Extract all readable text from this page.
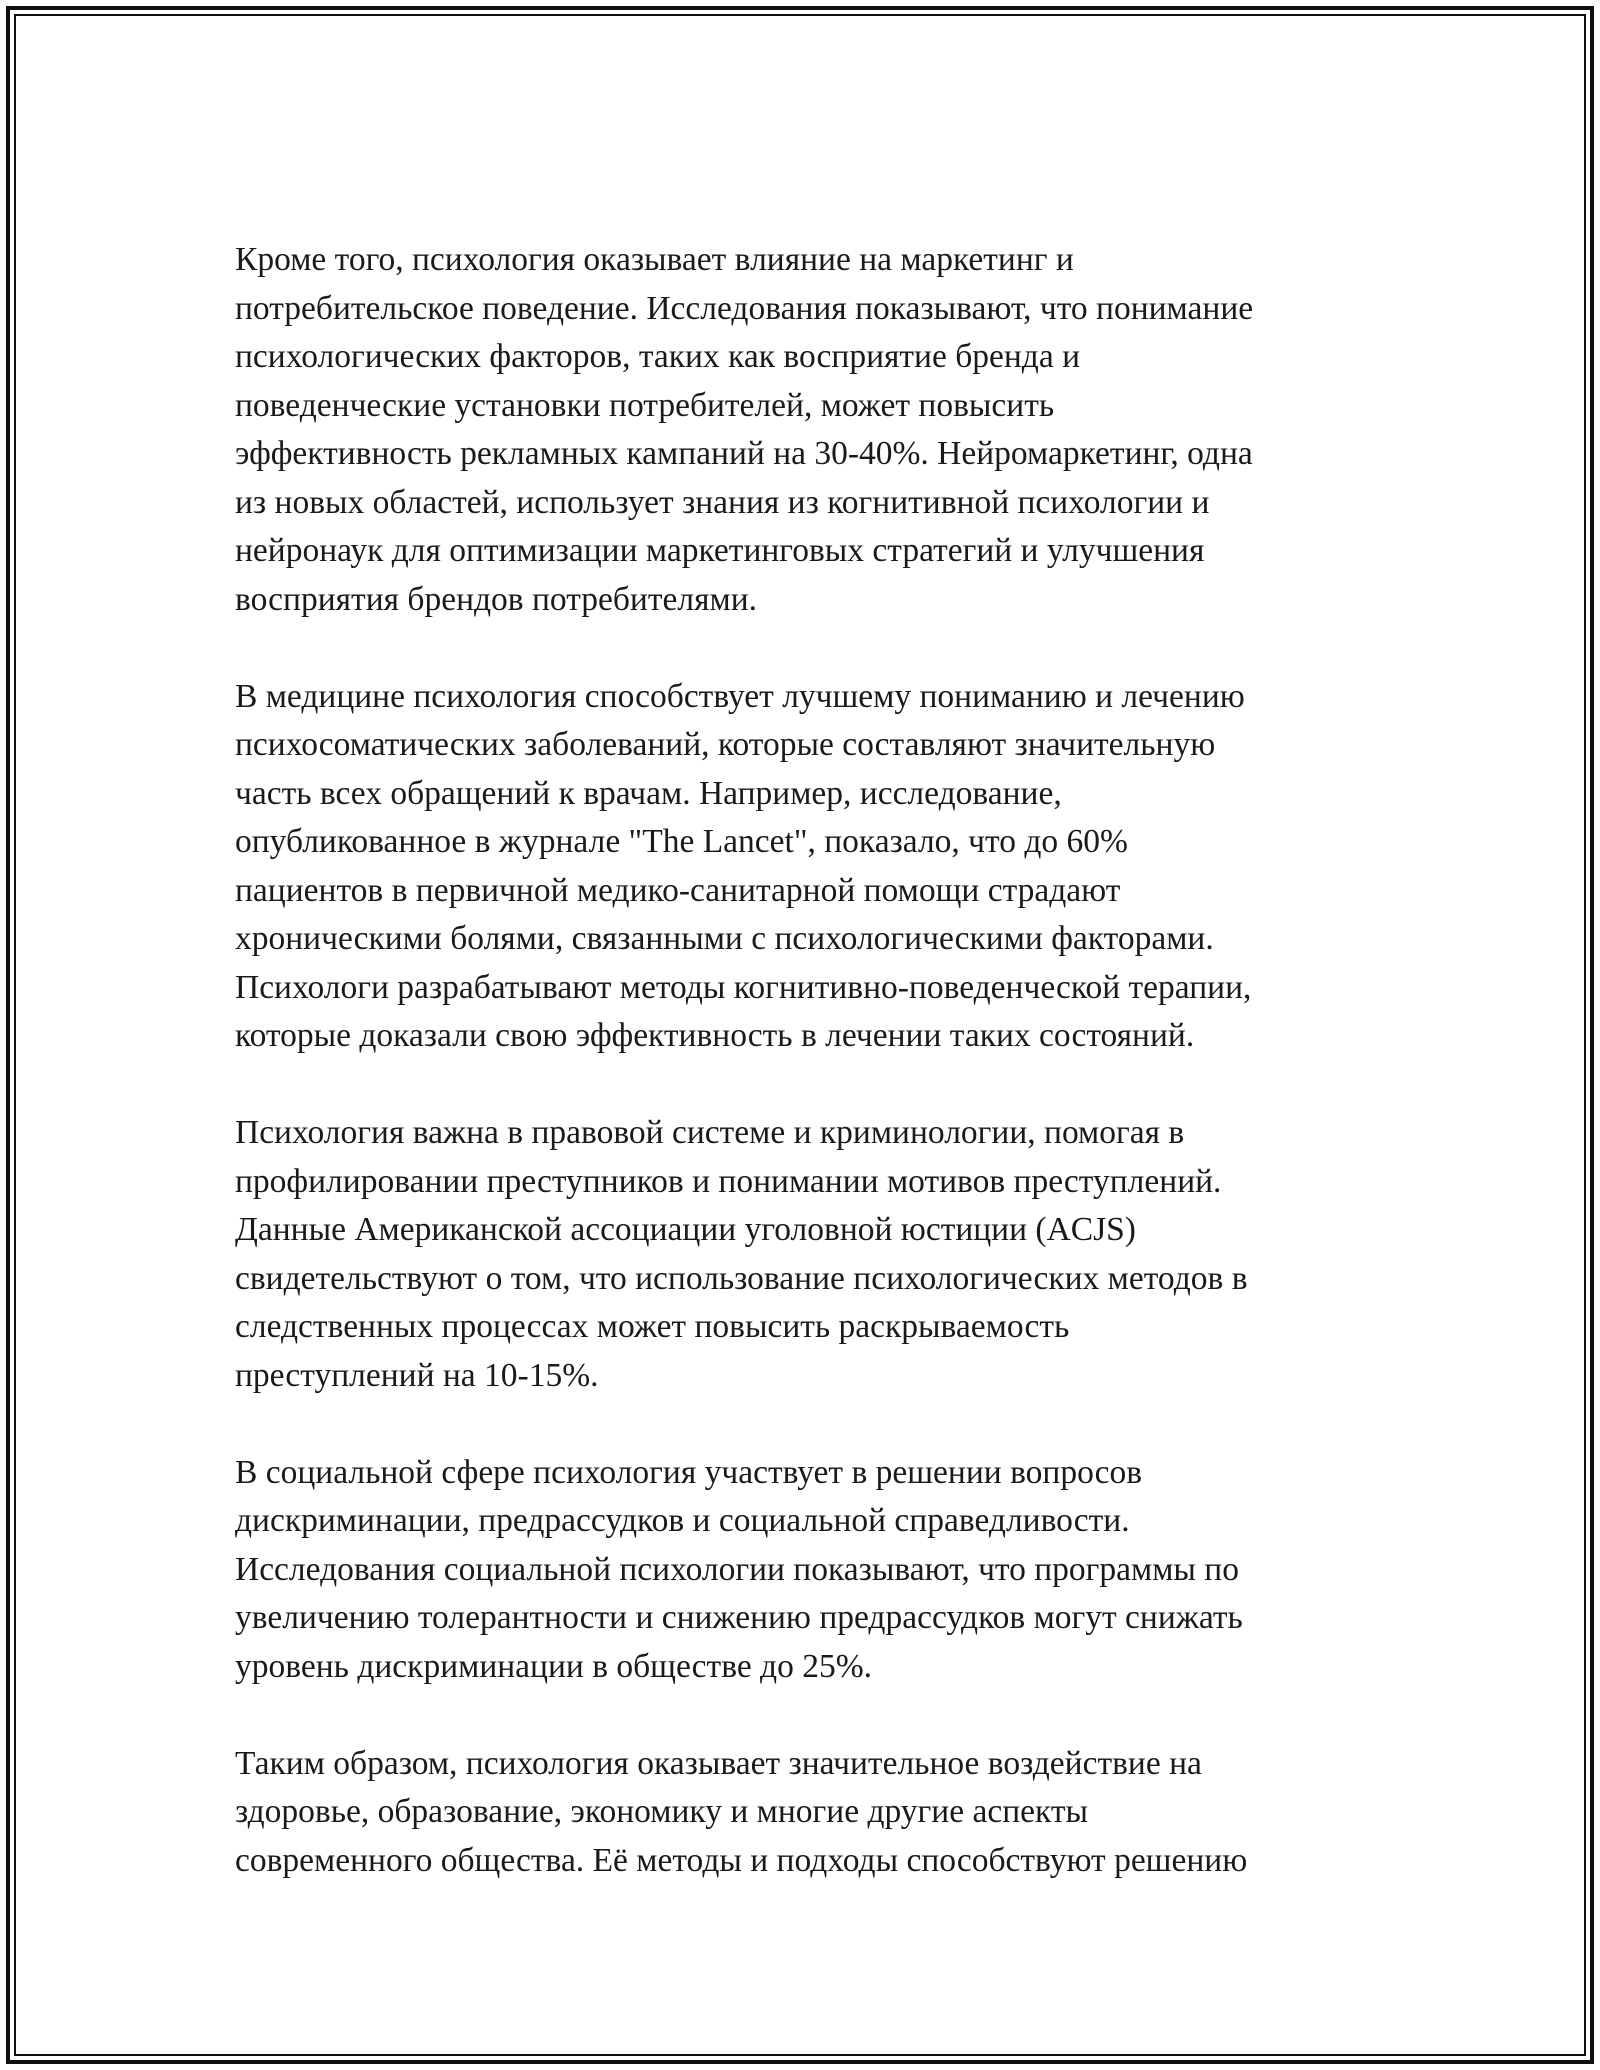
Кроме того, психология оказывает влияние на маркетинг и
потребительское поведение. Исследования показывают, что понимание
психологических факторов, таких как восприятие бренда и
поведенческие установки потребителей, может повысить
эффективность рекламных кампаний на 30-40%. Нейромаркетинг, одна
из новых областей, использует знания из когнитивной психологии и
нейронаук для оптимизации маркетинговых стратегий и улучшения
восприятия брендов потребителями.
В медицине психология способствует лучшему пониманию и лечению
психосоматических заболеваний, которые составляют значительную
часть всех обращений к врачам. Например, исследование,
опубликованное в журнале "The Lancet", показало, что до 60%
пациентов в первичной медико-санитарной помощи страдают
хроническими болями, связанными с психологическими факторами.
Психологи разрабатывают методы когнитивно-поведенческой терапии,
которые доказали свою эффективность в лечении таких состояний.
Психология важна в правовой системе и криминологии, помогая в
профилировании преступников и понимании мотивов преступлений.
Данные Американской ассоциации уголовной юстиции (ACJS)
свидетельствуют о том, что использование психологических методов в
следственных процессах может повысить раскрываемость
преступлений на 10-15%.
В социальной сфере психология участвует в решении вопросов
дискриминации, предрассудков и социальной справедливости.
Исследования социальной психологии показывают, что программы по
увеличению толерантности и снижению предрассудков могут снижать
уровень дискриминации в обществе до 25%.
Таким образом, психология оказывает значительное воздействие на
здоровье, образование, экономику и многие другие аспекты
современного общества. Её методы и подходы способствуют решению
